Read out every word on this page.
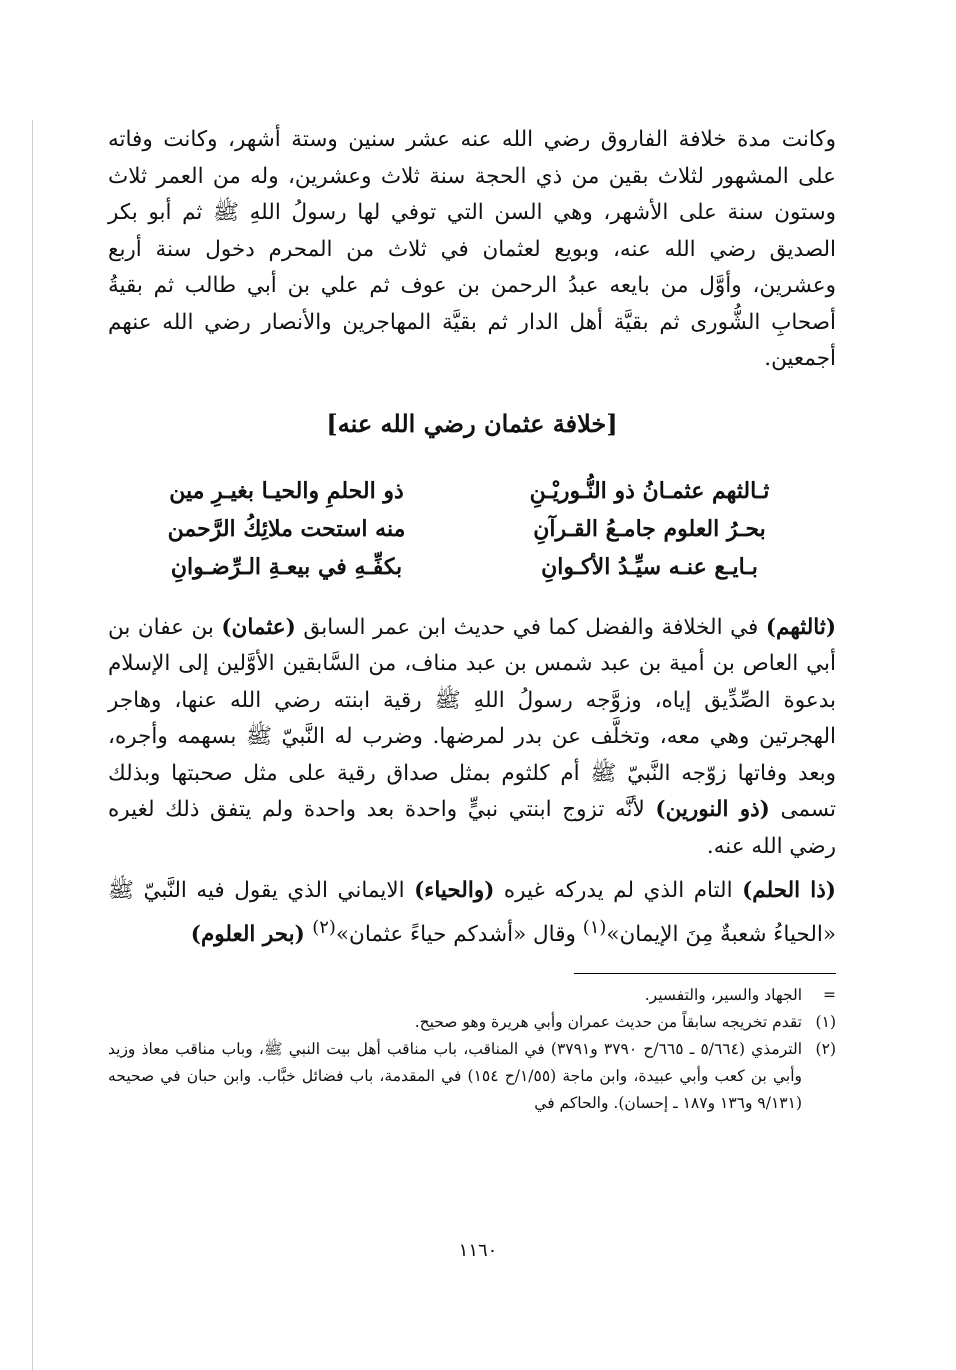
وكانت مدة خلافة الفاروق رضي الله عنه عشر سنين وستة أشهر، وكانت وفاته على المشهور لثلاث بقين من ذي الحجة سنة ثلاث وعشرين، وله من العمر ثلاث وستون سنة على الأشهر، وهي السن التي توفي لها رسولُ اللهِ ﷺ ثم أبو بكر الصديق رضي الله عنه، وبويع لعثمان في ثلاث من المحرم دخول سنة أربع وعشرين، وأوَّل من بايعه عبدُ الرحمن بن عوف ثم علي بن أبي طالب ثم بقيةُ أصحابِ الشُّورى ثم بقيَّة أهل الدار ثم بقيَّة المهاجرين والأنصار رضي الله عنهم أجمعين.

[خلافة عثمان رضي الله عنه]
ثـالثهم عثمـانُ ذو النُّـوريْـنِ
ذو الحلمِ والحيـا بغيـرِ مين
بحـرُ العلوم جامـعُ القـرآنِ
منه استحت ملائِكُ الرَّحمن
بـايـع عنـه سيِّـدُ الأكـوانِ
بكفِّـهِ في بيعـةِ الـرِّضـوانِ

(ثالثهم) في الخلافة والفضل كما في حديث ابن عمر السابق (عثمان) بن عفان بن أبي العاص بن أمية بن عبد شمس بن عبد مناف، من السَّابقين الأوَّلين إلى الإسلام بدعوة الصِّدِّيق إياه، وزوَّجه رسولُ اللهِ ﷺ رقية ابنته رضي الله عنها، وهاجر الهجرتين وهي معه، وتخلَّف عن بدر لمرضها. وضرب له النَّبيّ ﷺ بسهمه وأجره، وبعد وفاتها زوّجه النَّبيّ ﷺ أم كلثوم بمثل صداق رقية على مثل صحبتها وبذلك تسمى (ذو النورين) لأنَّه تزوج ابنتي نبيٍّ واحدة بعد واحدة ولم يتفق ذلك لغيره رضي الله عنه.

(ذا الحلم) التام الذي لم يدركه غيره (والحياء) الايماني الذي يقول فيه النَّبيّ ﷺ «الحياءُ شعبةٌ مِنَ الإيمان»$^{(١)}$ وقال «أشدكم حياءً عثمان»$^{(٢)}$ (بحر العلوم)

=
الجهاد والسير، والتفسير.
(١)
تقدم تخريجه سابقاً من حديث عمران وأبي هريرة وهو صحيح.
(٢)
الترمذي (٥/٦٦٤ ـ ٦٦٥/ح ٣٧٩٠ و٣٧٩١) في المناقب، باب مناقب أهل بيت النبي ﷺ، وباب مناقب معاذ وزيد وأبي بن كعب وأبي عبيدة، وابن ماجة (١/٥٥/ح ١٥٤) في المقدمة، باب فضائل خبَّاب. وابن حبان في صحيحه (٩/١٣١ و١٣٦ و١٨٧ ـ إحسان). والحاكم في
١١٦٠
